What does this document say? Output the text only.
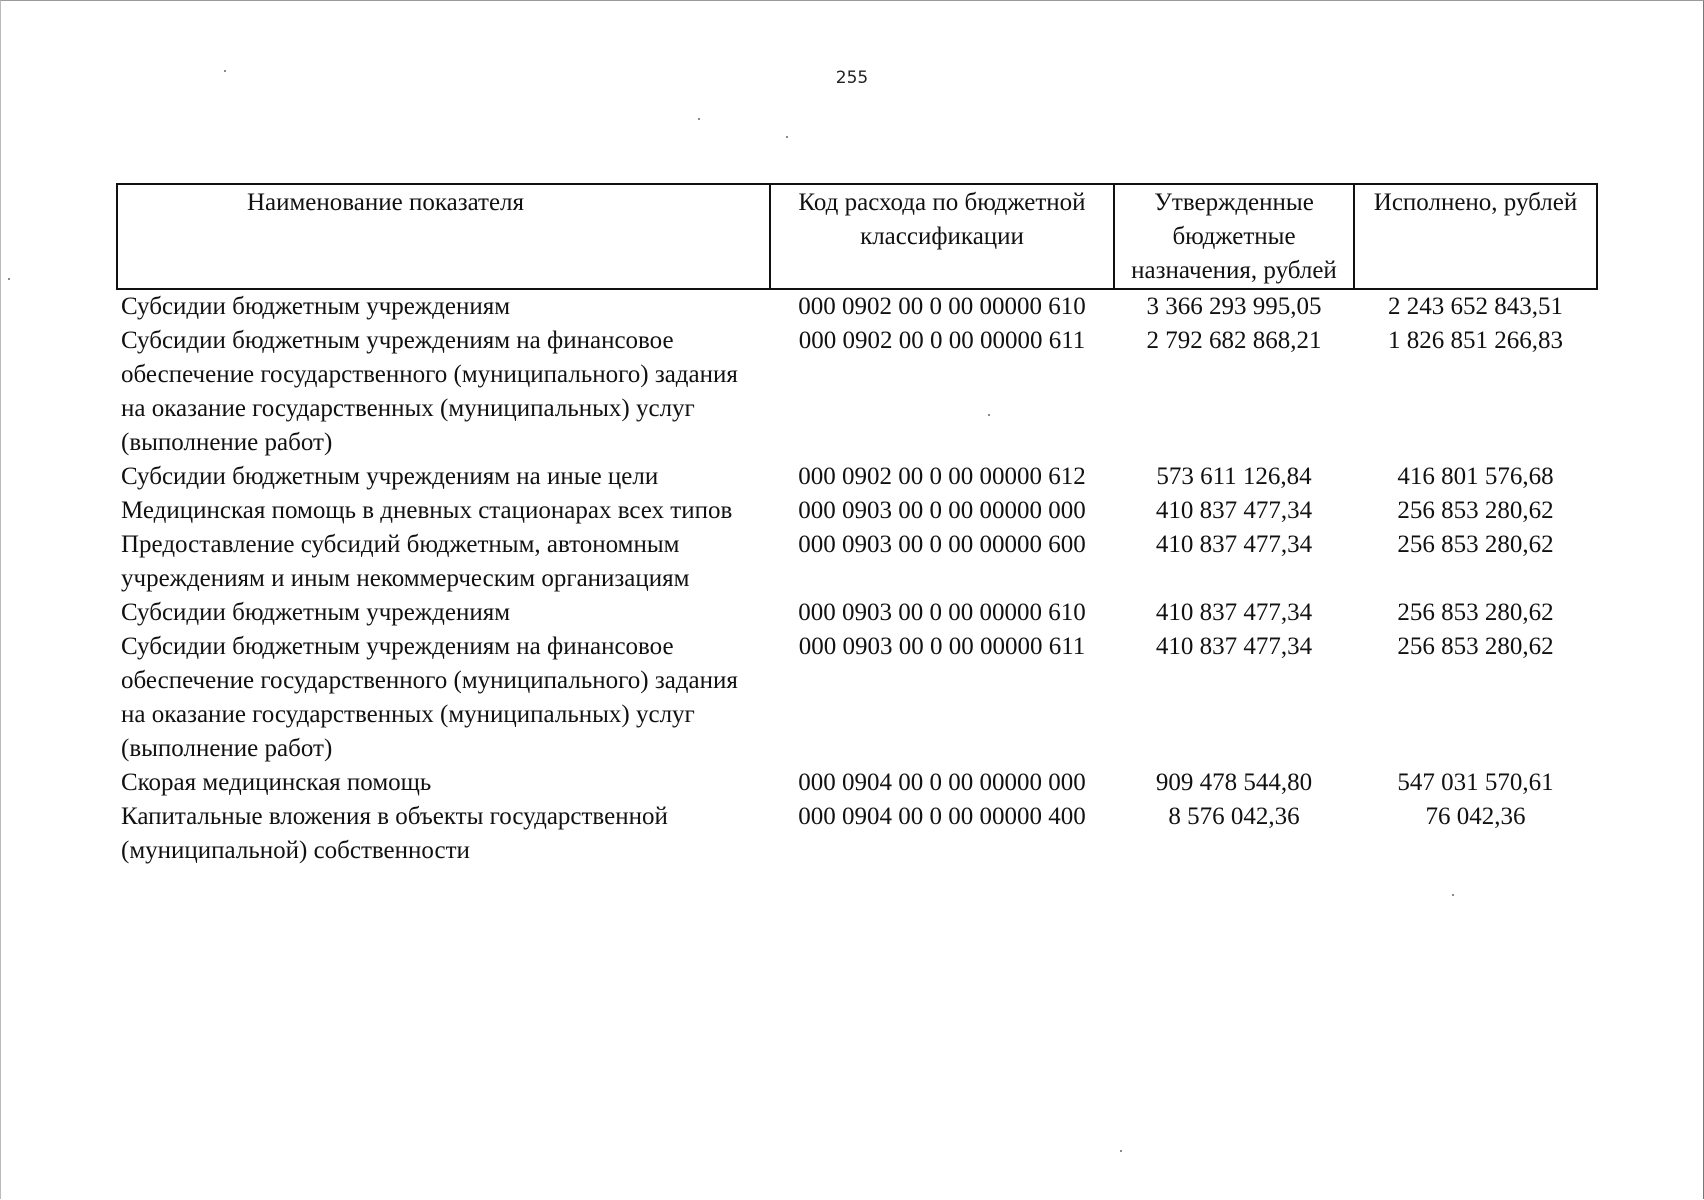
255
Наименование показателя	Код расхода по бюджетной классификации	Утвержденные бюджетные назначения, рублей	Исполнено, рублей
Субсидии бюджетным учреждениям	000 0902 00 0 00 00000 610	3 366 293 995,05	2 243 652 843,51
Субсидии бюджетным учреждениям на финансовое обеспечение государственного (муниципального) задания на оказание государственных (муниципальных) услуг (выполнение работ)	000 0902 00 0 00 00000 611	2 792 682 868,21	1 826 851 266,83
Субсидии бюджетным учреждениям на иные цели	000 0902 00 0 00 00000 612	573 611 126,84	416 801 576,68
Медицинская помощь в дневных стационарах всех типов	000 0903 00 0 00 00000 000	410 837 477,34	256 853 280,62
Предоставление субсидий бюджетным, автономным учреждениям и иным некоммерческим организациям	000 0903 00 0 00 00000 600	410 837 477,34	256 853 280,62
Субсидии бюджетным учреждениям	000 0903 00 0 00 00000 610	410 837 477,34	256 853 280,62
Субсидии бюджетным учреждениям на финансовое обеспечение государственного (муниципального) задания на оказание государственных (муниципальных) услуг (выполнение работ)	000 0903 00 0 00 00000 611	410 837 477,34	256 853 280,62
Скорая медицинская помощь	000 0904 00 0 00 00000 000	909 478 544,80	547 031 570,61
Капитальные вложения в объекты государственной (муниципальной) собственности	000 0904 00 0 00 00000 400	8 576 042,36	76 042,36
